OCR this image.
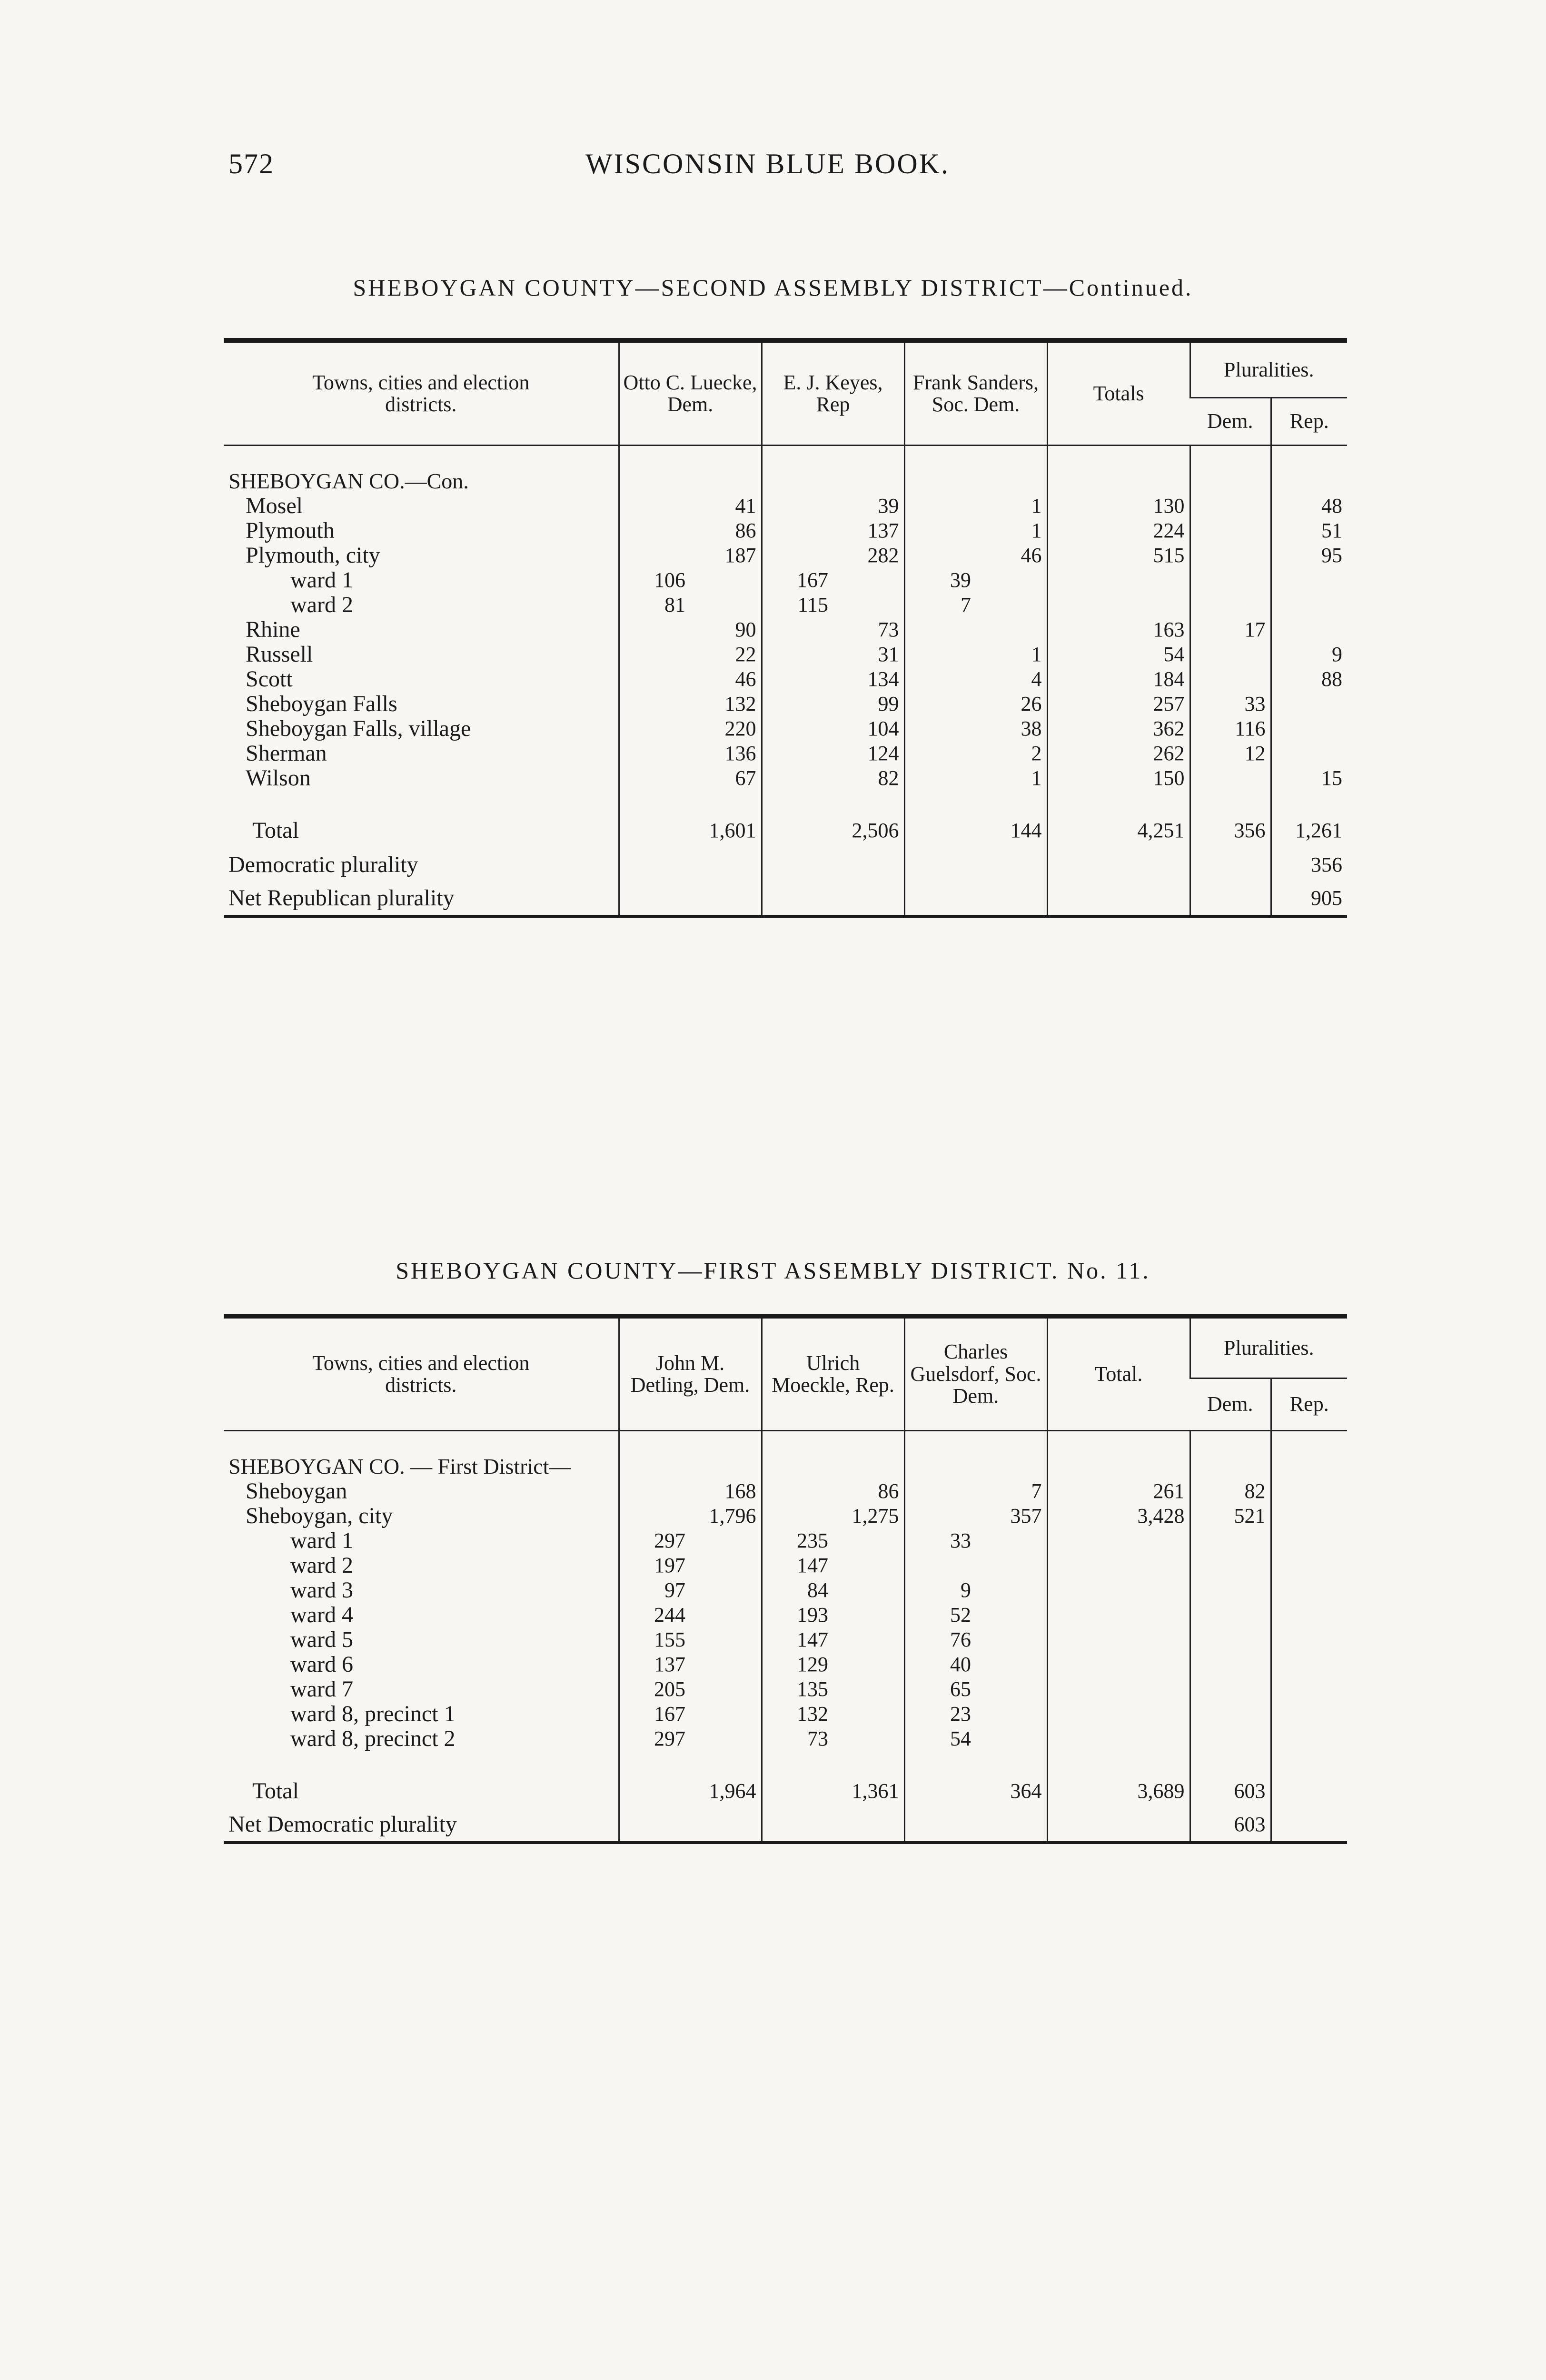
572	WISCONSIN BLUE BOOK.
SHEBOYGAN COUNTY—SECOND ASSEMBLY DISTRICT—Continued.
Towns, cities and election districts.	Otto C. Luecke, Dem.		E. J. Keyes, Rep		Frank Sanders, Soc. Dem.		Totals	Pluralities.	
								Dem.	Rep.

SHEBOYGAN CO.—Con.									
Mosel		41		39		1	130		48
Plymouth		86		137		1	224		51
Plymouth, city		187		282		46	515		95
ward 1	106		167		39				
ward 2	81		115		7				
Rhine		90		73			163	17	
Russell		22		31		1	54		9
Scott		46		134		4	184		88
Sheboygan Falls		132		99		26	257	33	
Sheboygan Falls, village		220		104		38	362	116	
Sherman		136		124		2	262	12	
Wilson		67		82		1	150		15

Total		1,601		2,506		144	4,251	356	1,261
Democratic plurality									356
Net Republican plurality									905
SHEBOYGAN COUNTY—FIRST ASSEMBLY DISTRICT. No. 11.
Towns, cities and election districts.	John M. Detling, Dem.		Ulrich Moeckle, Rep.		Charles Guelsdorf, Soc. Dem.		Total.	Pluralities.	
								Dem.	Rep.

SHEBOYGAN CO. — First District—									
Sheboygan		168		86		7	261	82	
Sheboygan, city		1,796		1,275		357	3,428	521	
ward 1	297		235		33				
ward 2	197		147						
ward 3	97		84		9				
ward 4	244		193		52				
ward 5	155		147		76				
ward 6	137		129		40				
ward 7	205		135		65				
ward 8, precinct 1	167		132		23				
ward 8, precinct 2	297		73		54				

Total		1,964		1,361		364	3,689	603	
Net Democratic plurality								603	
